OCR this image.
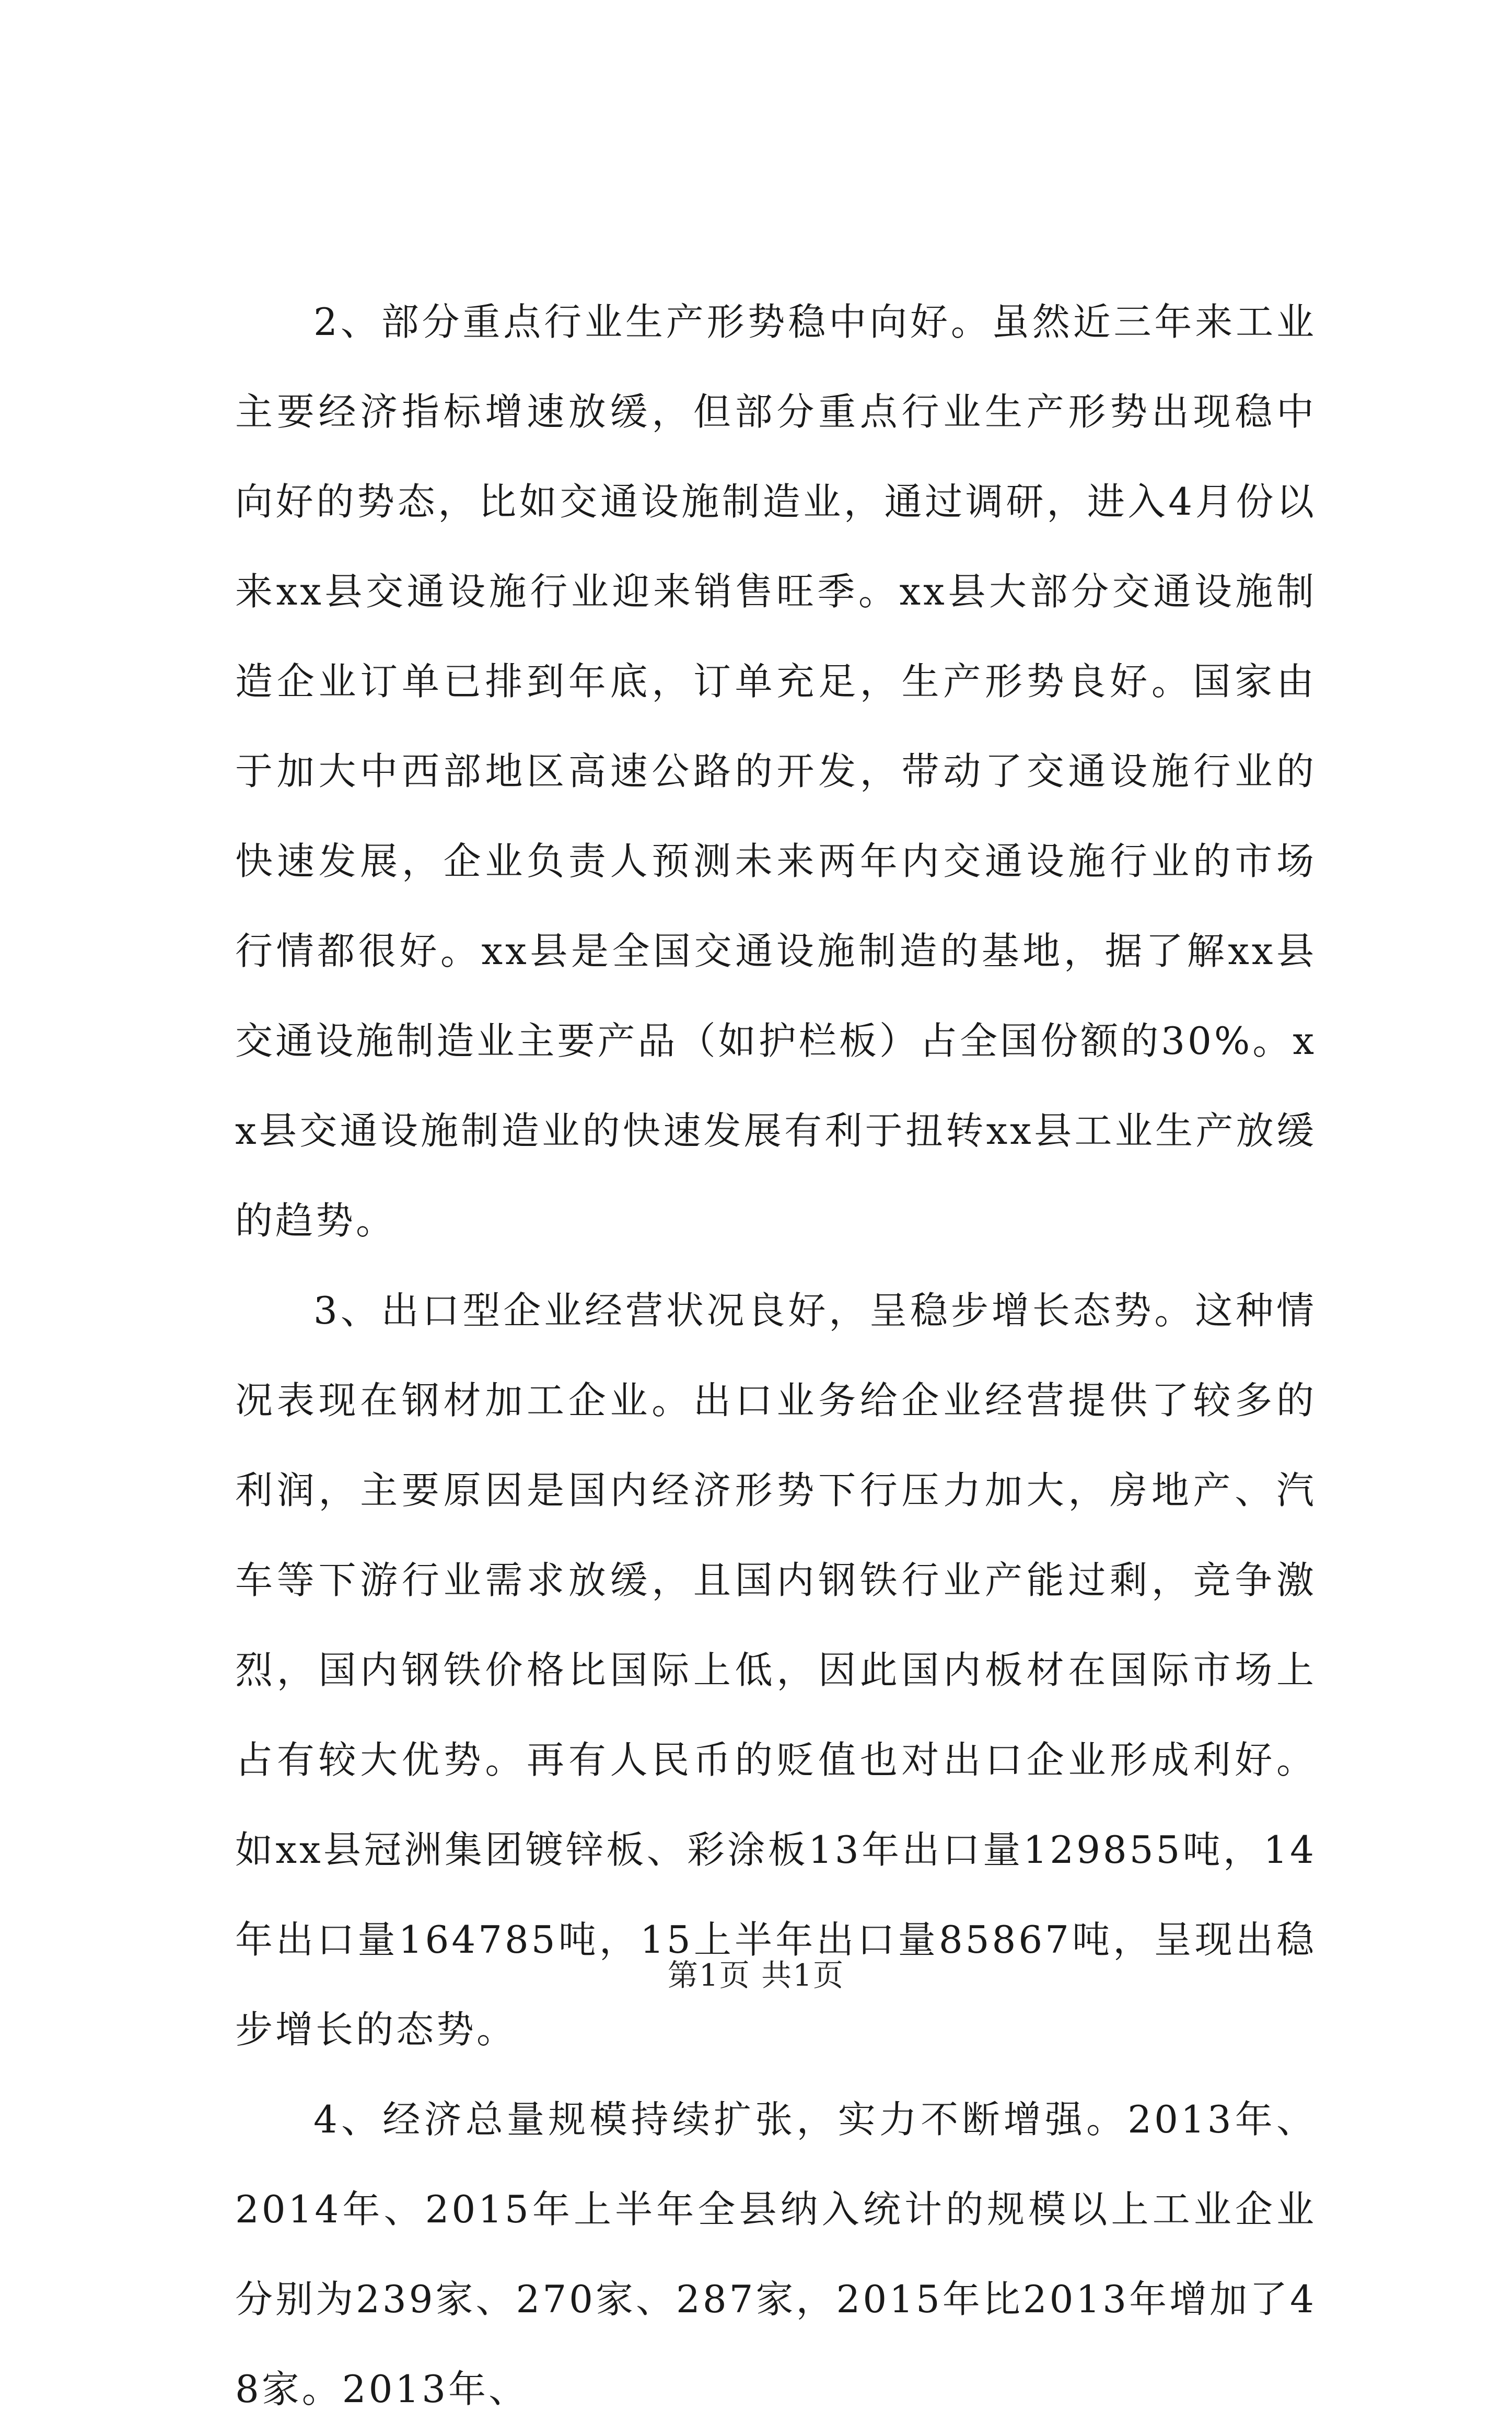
2、部分重点行业生产形势稳中向好。虽然近三年来工业主要经济指标增速放缓，但部分重点行业生产形势出现稳中向好的势态，比如交通设施制造业，通过调研，进入4月份以来xx县交通设施行业迎来销售旺季。xx县大部分交通设施制造企业订单已排到年底，订单充足，生产形势良好。国家由于加大中西部地区高速公路的开发，带动了交通设施行业的快速发展，企业负责人预测未来两年内交通设施行业的市场行情都很好。xx县是全国交通设施制造的基地，据了解xx县交通设施制造业主要产品（如护栏板）占全国份额的30%。xx县交通设施制造业的快速发展有利于扭转xx县工业生产放缓的趋势。

3、出口型企业经营状况良好，呈稳步增长态势。这种情况表现在钢材加工企业。出口业务给企业经营提供了较多的利润，主要原因是国内经济形势下行压力加大，房地产、汽车等下游行业需求放缓，且国内钢铁行业产能过剩，竞争激烈，国内钢铁价格比国际上低，因此国内板材在国际市场上占有较大优势。再有人民币的贬值也对出口企业形成利好。如xx县冠洲集团镀锌板、彩涂板13年出口量129855吨，14年出口量164785吨，15上半年出口量85867吨，呈现出稳步增长的态势。

4、经济总量规模持续扩张，实力不断增强。2013年、2014年、2015年上半年全县纳入统计的规模以上工业企业分别为239家、270家、287家，2015年比2013年增加了48家。2013年、

第1页 共1页
